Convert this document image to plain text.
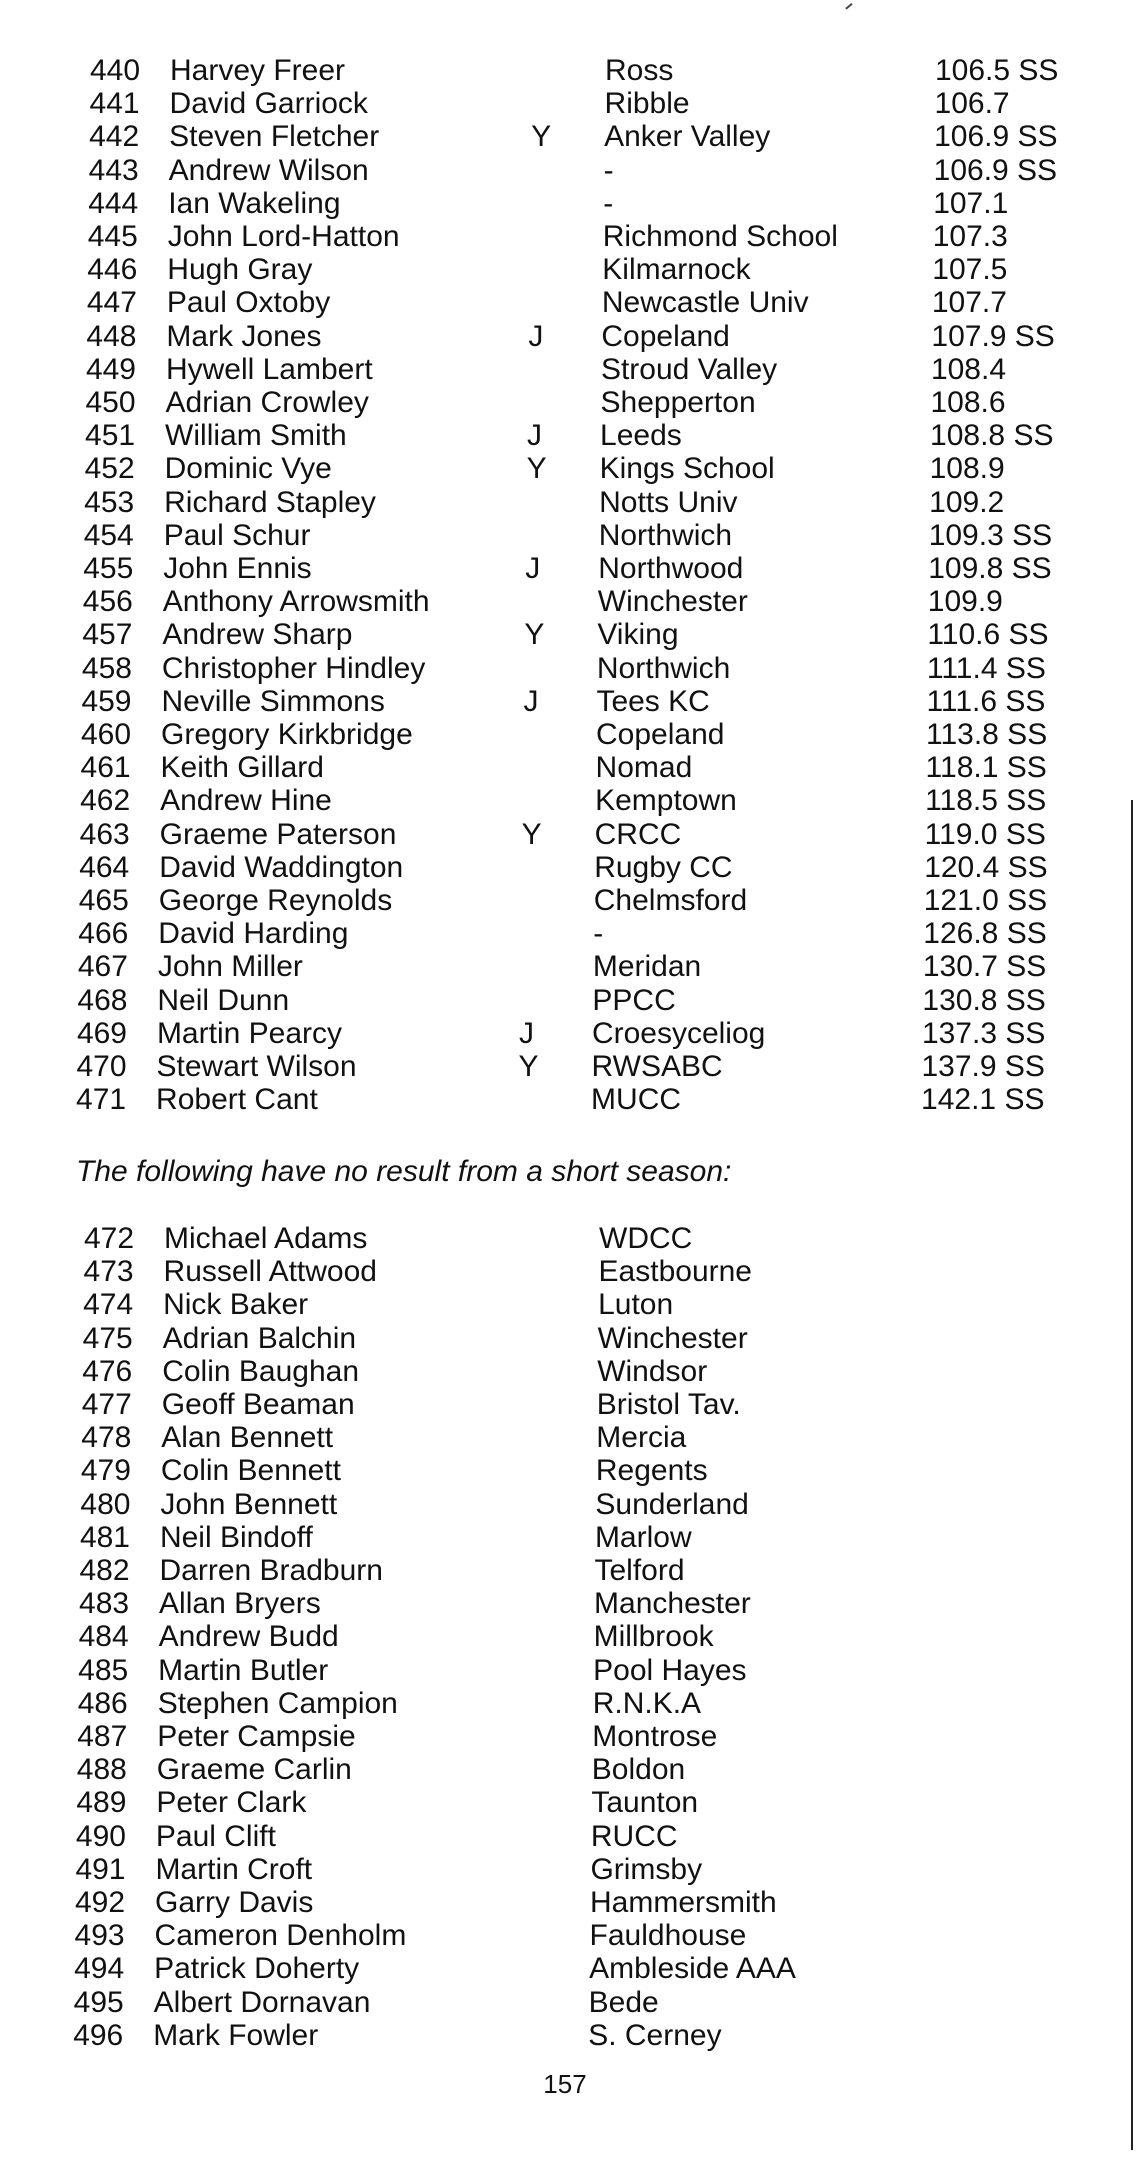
440 Harvey Freer	Ross	106.5 SS
441 David Garriock	Ribble	106.7
442 Steven Fletcher	Y Anker Valley	106.9 SS
443 Andrew Wilson	-	106.9 SS
444 Ian Wakeling	-	107.1
445 John Lord-Hatton	Richmond School	107.3
446 Hugh Gray	Kilmarnock	107.5
447 Paul Oxtoby	Newcastle Univ	107.7
448 Mark Jones	J Copeland	107.9 SS
449 Hywell Lambert	Stroud Valley	108.4
450 Adrian Crowley	Shepperton	108.6
451 William Smith	J Leeds	108.8 SS
452 Dominic Vye	Y Kings School	108.9
453 Richard Stapley	Notts Univ	109.2
454 Paul Schur	Northwich	109.3 SS
455 John Ennis	J Northwood	109.8 SS
456 Anthony Arrowsmith	Winchester	109.9
457 Andrew Sharp	Y Viking	110.6 SS
458 Christopher Hindley	Northwich	111.4 SS
459 Neville Simmons	J Tees KC	111.6 SS
460 Gregory Kirkbridge	Copeland	113.8 SS
461 Keith Gillard	Nomad	118.1 SS
462 Andrew Hine	Kemptown	118.5 SS
463 Graeme Paterson	Y CRCC	119.0 SS
464 David Waddington	Rugby CC	120.4 SS
465 George Reynolds	Chelmsford	121.0 SS
466 David Harding	-	126.8 SS
467 John Miller	Meridan	130.7 SS
468 Neil Dunn	PPCC	130.8 SS
469 Martin Pearcy	J Croesyceliog	137.3 SS
470 Stewart Wilson	Y RWSABC	137.9 SS
471 Robert Cant	MUCC	142.1 SS
The following have no result from a short season:
472 Michael Adams	WDCC
473 Russell Attwood	Eastbourne
474 Nick Baker	Luton
475 Adrian Balchin	Winchester
476 Colin Baughan	Windsor
477 Geoff Beaman	Bristol Tav.
478 Alan Bennett	Mercia
479 Colin Bennett	Regents
480 John Bennett	Sunderland
481 Neil Bindoff	Marlow
482 Darren Bradburn	Telford
483 Allan Bryers	Manchester
484 Andrew Budd	Millbrook
485 Martin Butler	Pool Hayes
486 Stephen Campion	R.N.K.A
487 Peter Campsie	Montrose
488 Graeme Carlin	Boldon
489 Peter Clark	Taunton
490 Paul Clift	RUCC
491 Martin Croft	Grimsby
492 Garry Davis	Hammersmith
493 Cameron Denholm	Fauldhouse
494 Patrick Doherty	Ambleside AAA
495 Albert Dornavan	Bede
496 Mark Fowler	S. Cerney
157
